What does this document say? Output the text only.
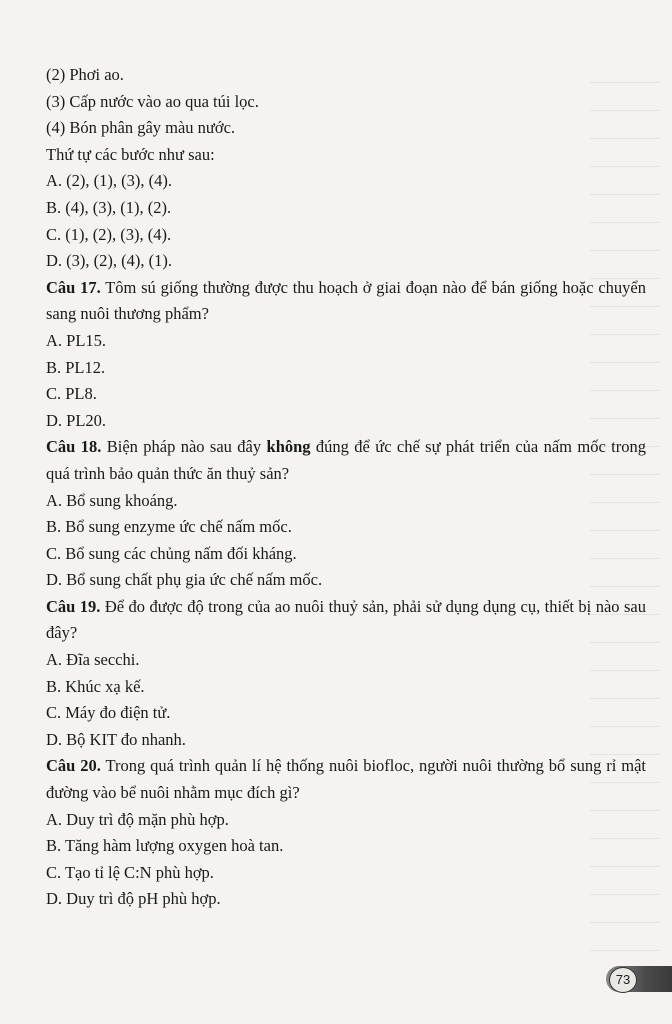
(2) Phơi ao.

(3) Cấp nước vào ao qua túi lọc.

(4) Bón phân gây màu nước.

Thứ tự các bước như sau:

A. (2), (1), (3), (4).

B. (4), (3), (1), (2).

C. (1), (2), (3), (4).

D. (3), (2), (4), (1).

Câu 17. Tôm sú giống thường được thu hoạch ở giai đoạn nào để bán giống hoặc chuyển sang nuôi thương phẩm?

A. PL15.

B. PL12.

C. PL8.

D. PL20.

Câu 18. Biện pháp nào sau đây không đúng để ức chế sự phát triển của nấm mốc trong quá trình bảo quản thức ăn thuỷ sản?

A. Bổ sung khoáng.

B. Bổ sung enzyme ức chế nấm mốc.

C. Bổ sung các chủng nấm đối kháng.

D. Bổ sung chất phụ gia ức chế nấm mốc.

Câu 19. Để đo được độ trong của ao nuôi thuỷ sản, phải sử dụng dụng cụ, thiết bị nào sau đây?

A. Đĩa secchi.

B. Khúc xạ kế.

C. Máy đo điện tử.

D. Bộ KIT đo nhanh.

Câu 20. Trong quá trình quản lí hệ thống nuôi biofloc, người nuôi thường bổ sung rỉ mật đường vào bể nuôi nhằm mục đích gì?

A. Duy trì độ mặn phù hợp.

B. Tăng hàm lượng oxygen hoà tan.

C. Tạo tỉ lệ C:N phù hợp.

D. Duy trì độ pH phù hợp.

73
